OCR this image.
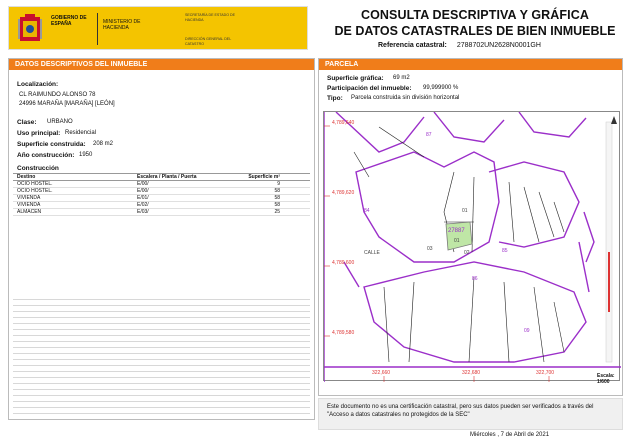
GOBIERNO DE ESPAÑA	MINISTERIO DE HACIENDA
SECRETARÍA DE ESTADO DE HACIENDA
DIRECCIÓN GENERAL DEL CATASTRO
CONSULTA DESCRIPTIVA Y GRÁFICA
DE DATOS CATASTRALES DE BIEN INMUEBLE
Referencia catastral: 2788702UN2628N0001GH
DATOS DESCRIPTIVOS DEL INMUEBLE
Localización:
CL RAIMUNDO ALONSO 78
24996 MARAÑA [MARAÑA] [LEÓN]
Clase: URBANO
Uso principal: Residencial
Superficie construida: 208 m2
Año construcción: 1950
Construcción
Destino	Escalera / Planta / Puerta	Superficie m²
OCIO HOSTEL.	E/00/	9
OCIO HOSTEL.	E/00/	58
VIVIENDA	E/01/	58
VIVIENDA	E/02/	58
ALMACEN	E/03/	25
PARCELA
Superficie gráfica: 69 m2
Participación del inmueble: 99,999900 %
Tipo: Parcela construida sin división horizontal
4,789,640
4,789,620
4,789,600
4,789,580
322,660	322,680	322,700
27887
01
01
03
02
86
87
84
85
09
CALLE
Escala:
1/600
Este documento no es una certificación catastral, pero sus datos pueden ser verificados a través del "Acceso a datos catastrales no protegidos de la SEC"
Miércoles , 7 de Abril de 2021
